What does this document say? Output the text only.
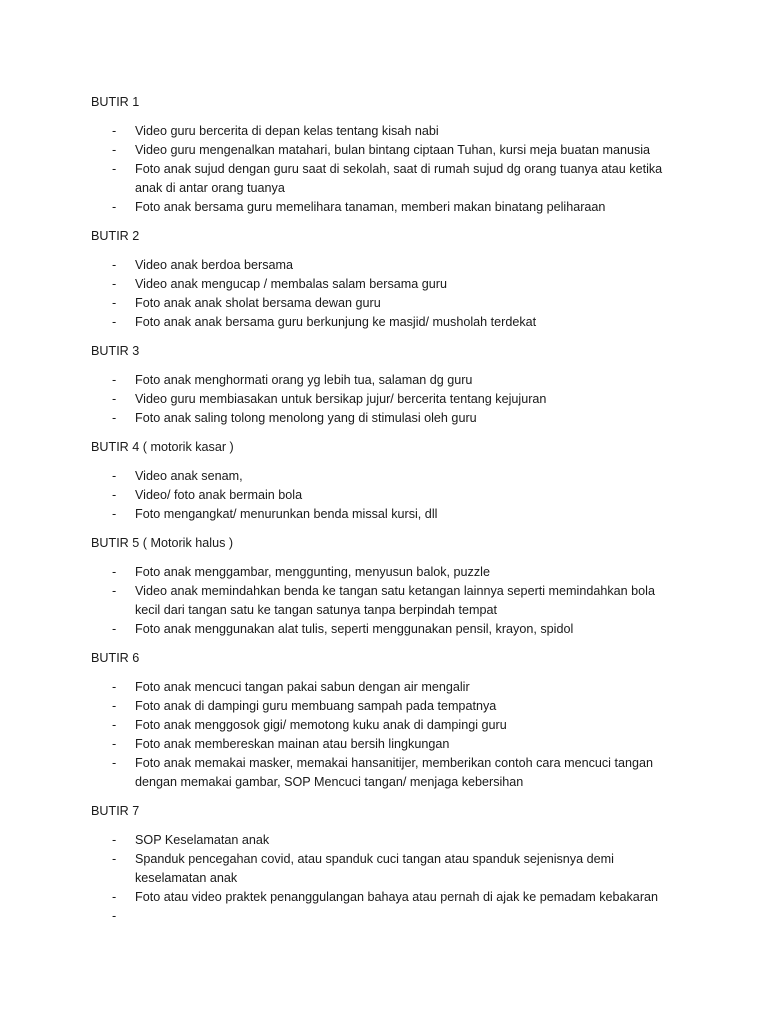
BUTIR 1
- Video guru bercerita di depan kelas tentang kisah nabi
- Video guru mengenalkan matahari, bulan bintang ciptaan Tuhan, kursi meja buatan manusia
- Foto anak sujud dengan guru saat di sekolah, saat di rumah sujud dg orang tuanya atau ketika anak di antar orang tuanya
- Foto anak bersama guru memelihara tanaman, memberi makan binatang peliharaan
BUTIR 2
- Video anak berdoa bersama
- Video anak mengucap / membalas salam bersama guru
- Foto anak anak sholat bersama dewan guru
- Foto anak anak bersama guru berkunjung ke masjid/ musholah terdekat
BUTIR 3
- Foto anak menghormati orang yg lebih tua, salaman dg guru
- Video guru membiasakan untuk bersikap jujur/ bercerita tentang kejujuran
- Foto anak saling tolong menolong yang di stimulasi oleh guru
BUTIR 4 ( motorik kasar )
- Video anak senam,
- Video/ foto anak bermain bola
- Foto mengangkat/ menurunkan benda missal kursi, dll
BUTIR 5 ( Motorik halus )
- Foto anak menggambar, menggunting, menyusun balok, puzzle
- Video anak memindahkan benda ke tangan satu ketangan lainnya seperti memindahkan bola kecil dari tangan satu ke tangan satunya tanpa berpindah tempat
- Foto anak menggunakan alat tulis, seperti menggunakan pensil, krayon, spidol
BUTIR 6
- Foto anak mencuci tangan pakai sabun dengan air mengalir
- Foto anak di dampingi guru membuang sampah pada tempatnya
- Foto anak menggosok gigi/ memotong kuku anak di dampingi guru
- Foto anak membereskan mainan atau bersih lingkungan
- Foto anak memakai masker, memakai hansanitijer, memberikan contoh cara mencuci tangan dengan memakai gambar, SOP Mencuci tangan/ menjaga kebersihan
BUTIR 7
- SOP Keselamatan anak
- Spanduk pencegahan covid, atau spanduk cuci tangan atau spanduk sejenisnya demi keselamatan anak
- Foto atau video praktek penanggulangan bahaya atau pernah di ajak ke pemadam kebakaran
-
